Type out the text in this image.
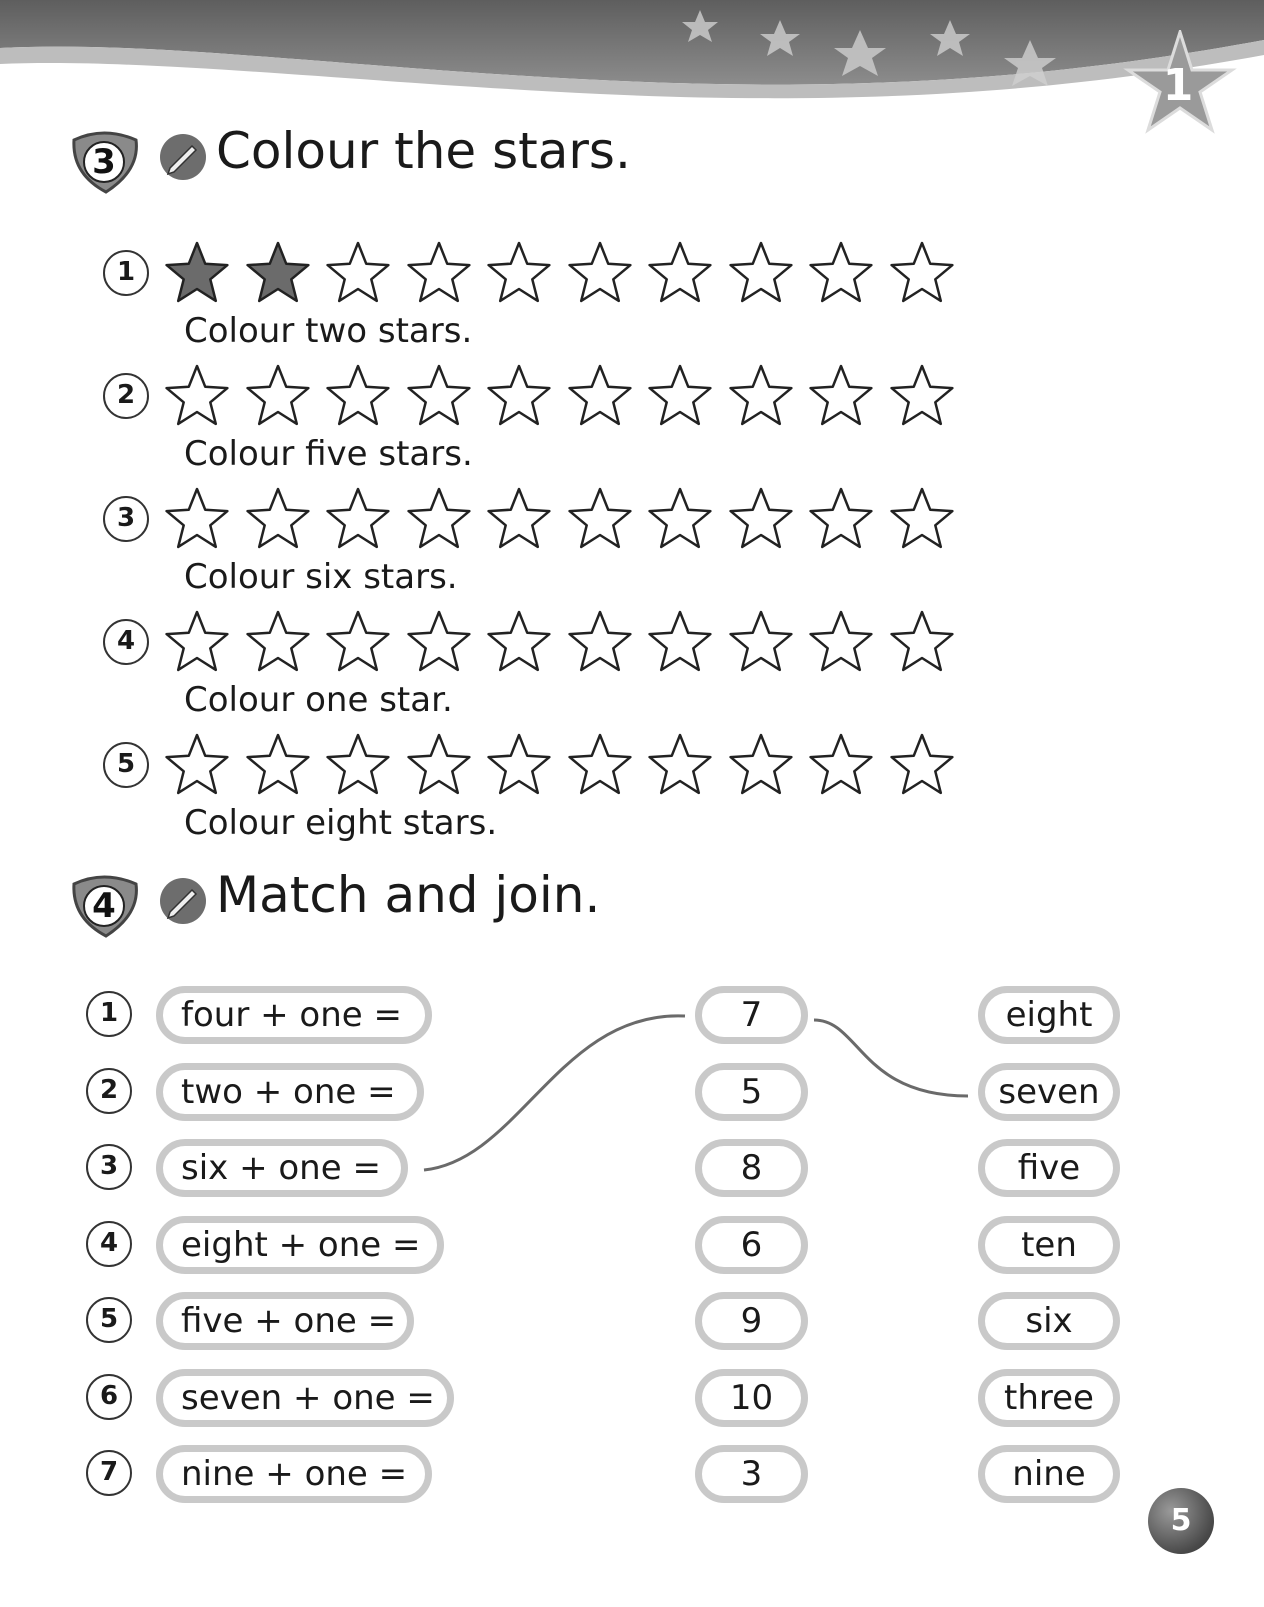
1
3	Colour the stars.
1
Colour two stars.
2
Colour five stars.
3
Colour six stars.
4
Colour one star.
5
Colour eight stars.
4	Match and join.
1	four + one =	7	eight
2	two + one =	5	seven
3	six + one =	8	five
4	eight + one =	6	ten
5	five + one =	9	six
6	seven + one =	10	three
7	nine + one =	3	nine
5
